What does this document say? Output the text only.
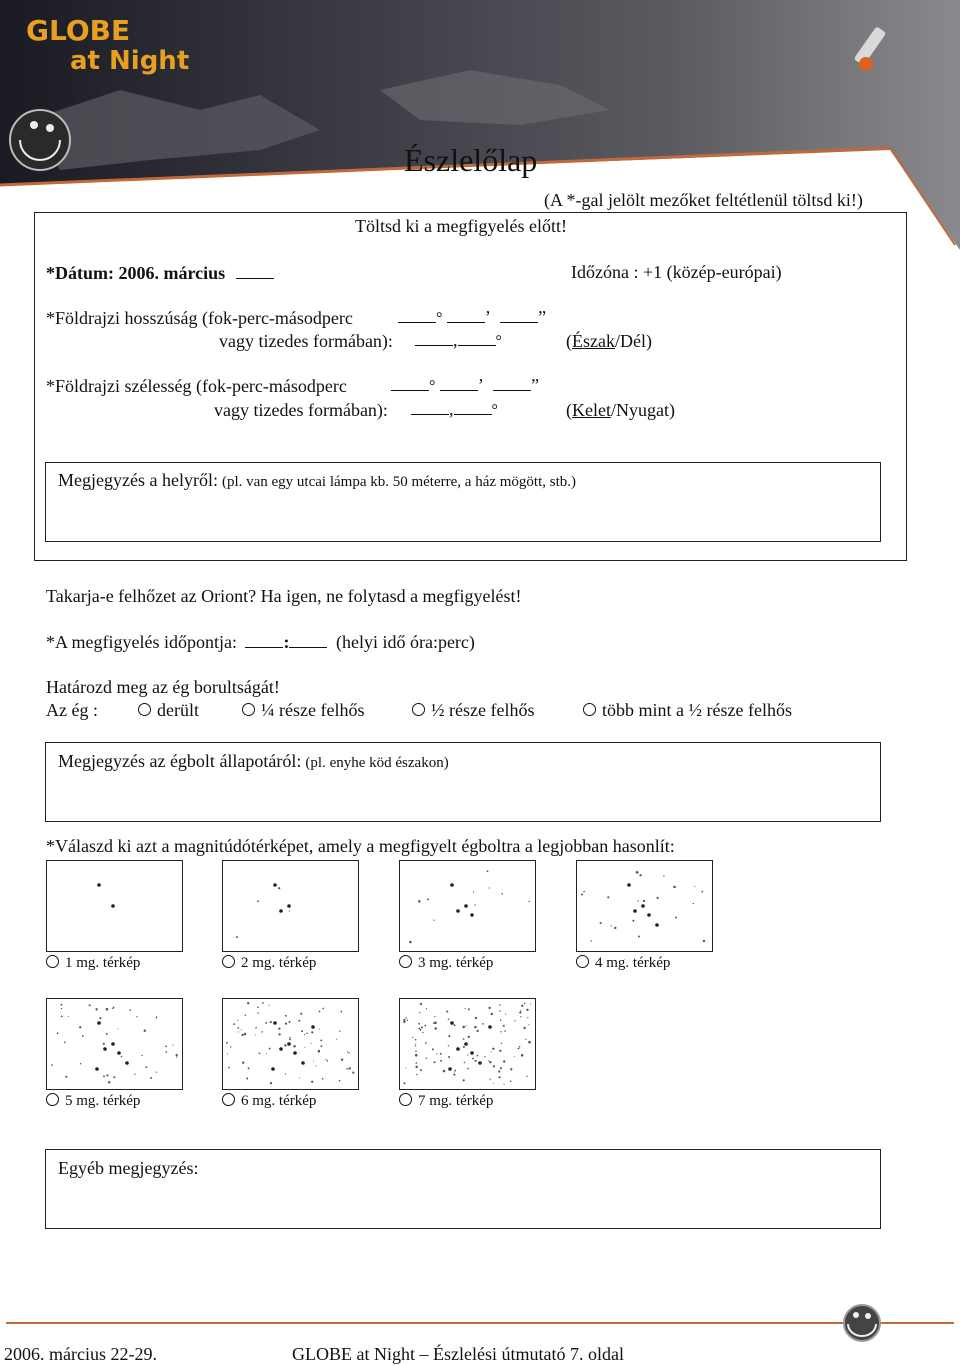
GLOBE
at Night
Észlelőlap
(A *-gal jelölt mezőket feltétlenül töltsd ki!)
Töltsd ki a megfigyelés előtt!
*Dátum: 2006. március	Időzóna : +1 (közép-európai)
*Földrajzi hosszúság (fok-perc-másodperc	° ’	”
vagy tizedes formában):	, °	(Észak/Dél)
*Földrajzi szélesség (fok-perc-másodperc	° ’	”
vagy tizedes formában):	, °	(Kelet/Nyugat)
Megjegyzés a helyről: (pl. van egy utcai lámpa kb. 50 méterre, a ház mögött, stb.)
Takarja-e felhőzet az Oriont? Ha igen, ne folytasd a megfigyelést!
*A megfigyelés időpontja:	:	(helyi idő óra:perc)
Határozd meg az ég borultságát!
Az ég :	derült	¼ része felhős	½ része felhős	több mint a ½ része felhős
Megjegyzés az égbolt állapotáról: (pl. enyhe köd északon)
*Válaszd ki azt a magnitúdótérképet, amely a megfigyelt égboltra a legjobban hasonlít:
1 mg. térkép	2 mg. térkép	3 mg. térkép	4 mg. térkép
5 mg. térkép	6 mg. térkép	7 mg. térkép
Egyéb megjegyzés:
2006. március 22-29.	GLOBE at Night – Észlelési útmutató 7. oldal
